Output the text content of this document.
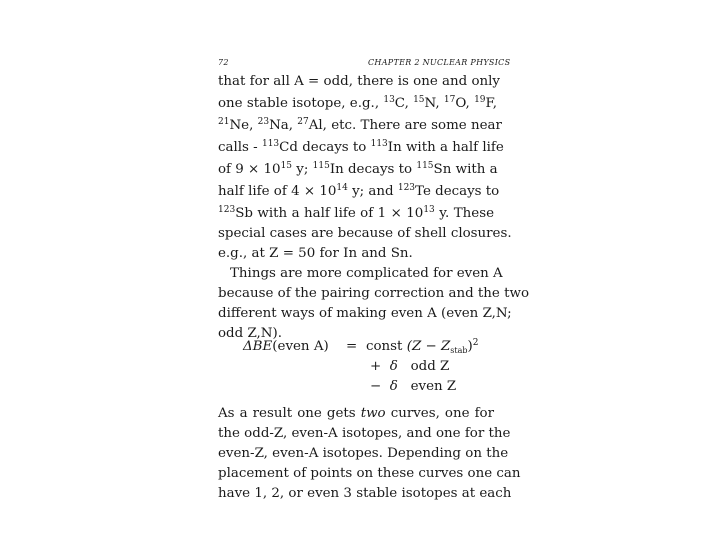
72	CHAPTER 2 NUCLEAR PHYSICS
that for all A = odd, there is one and only
one stable isotope, e.g., $^{13}$C, $^{15}$N, $^{17}$O, $^{19}$F,
$^{21}$Ne, $^{23}$Na, $^{27}$Al, etc. There are some near
calls - $^{113}$Cd decays to $^{113}$In with a half life
of $9 \times 10^{15}$ y; $^{115}$In decays to $^{115}$Sn with a
half life of $4 \times 10^{14}$ y; and $^{123}$Te decays to
$^{123}$Sb with a half life of $1 \times 10^{13}$ y. These
special cases are because of shell closures.
e.g., at Z = 50 for In and Sn.
Things are more complicated for even A
because of the pairing correction and the two
different ways of making even A (even Z,N;
odd Z,N).
ΔBE(even A) = const $(Z - Z_{stab})^2$
+ δ odd Z
− δ even Z
As a result one gets two curves, one for
the odd-Z, even-A isotopes, and one for the
even-Z, even-A isotopes. Depending on the
placement of points on these curves one can
have 1, 2, or even 3 stable isotopes at each
